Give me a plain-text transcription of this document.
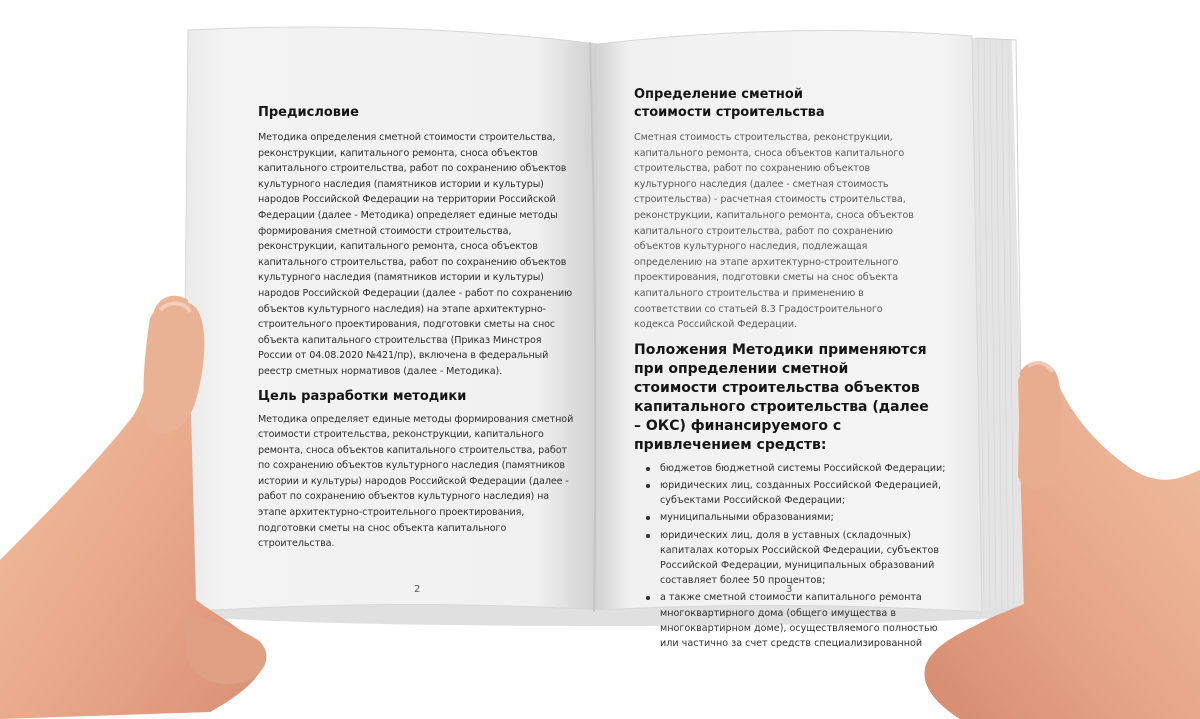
Предисловие

Методика определения сметной стоимости строительства, реконструкции, капитального ремонта, сноса объектов капитального строительства, работ по сохранению объектов культурного наследия (памятников истории и культуры) народов Российской Федерации на территории Российской Федерации (далее - Методика) определяет единые методы формирования сметной стоимости строительства, реконструкции, капитального ремонта, сноса объектов капитального строительства, работ по сохранению объектов культурного наследия (памятников истории и культуры) народов Российской Федерации (далее - работ по сохранению объектов культурного наследия) на этапе архитектурно-строительного проектирования, подготовки сметы на снос объекта капитального строительства (Приказ Минстроя России от 04.08.2020 №421/пр), включена в федеральный реестр сметных нормативов (далее - Методика).

Цель разработки методики

Методика определяет единые методы формирования сметной стоимости строительства, реконструкции, капитального ремонта, сноса объектов капитального строительства, работ по сохранению объектов культурного наследия (памятников истории и культуры) народов Российской Федерации (далее - работ по сохранению объектов культурного наследия) на этапе архитектурно-строительного проектирования, подготовки сметы на снос объекта капитального строительства.

2
Определение сметной стоимости строительства

Сметная стоимость строительства, реконструкции, капитального ремонта, сноса объектов капитального строительства, работ по сохранению объектов культурного наследия (далее - сметная стоимость строительства) - расчетная стоимость строительства, реконструкции, капитального ремонта, сноса объектов капитального строительства, работ по сохранению объектов культурного наследия, подлежащая определению на этапе архитектурно-строительного проектирования, подготовки сметы на снос объекта капитального строительства и применению в соответствии со статьей 8.3 Градостроительного кодекса Российской Федерации.

Положения Методики применяются при определении сметной стоимости строительства объектов капитального строительства (далее – ОКС) финансируемого с привлечением средств:
бюджетов бюджетной системы Российской Федерации;
юридических лиц, созданных Российской Федерацией, субъектами Российской Федерации;
муниципальными образованиями;
юридических лиц, доля в уставных (складочных) капиталах которых Российской Федерации, субъектов Российской Федерации, муниципальных образований составляет более 50 процентов;
а также сметной стоимости капитального ремонта многоквартирного дома (общего имущества в многоквартирном доме), осуществляемого полностью или частично за счет средств специализированной
3
